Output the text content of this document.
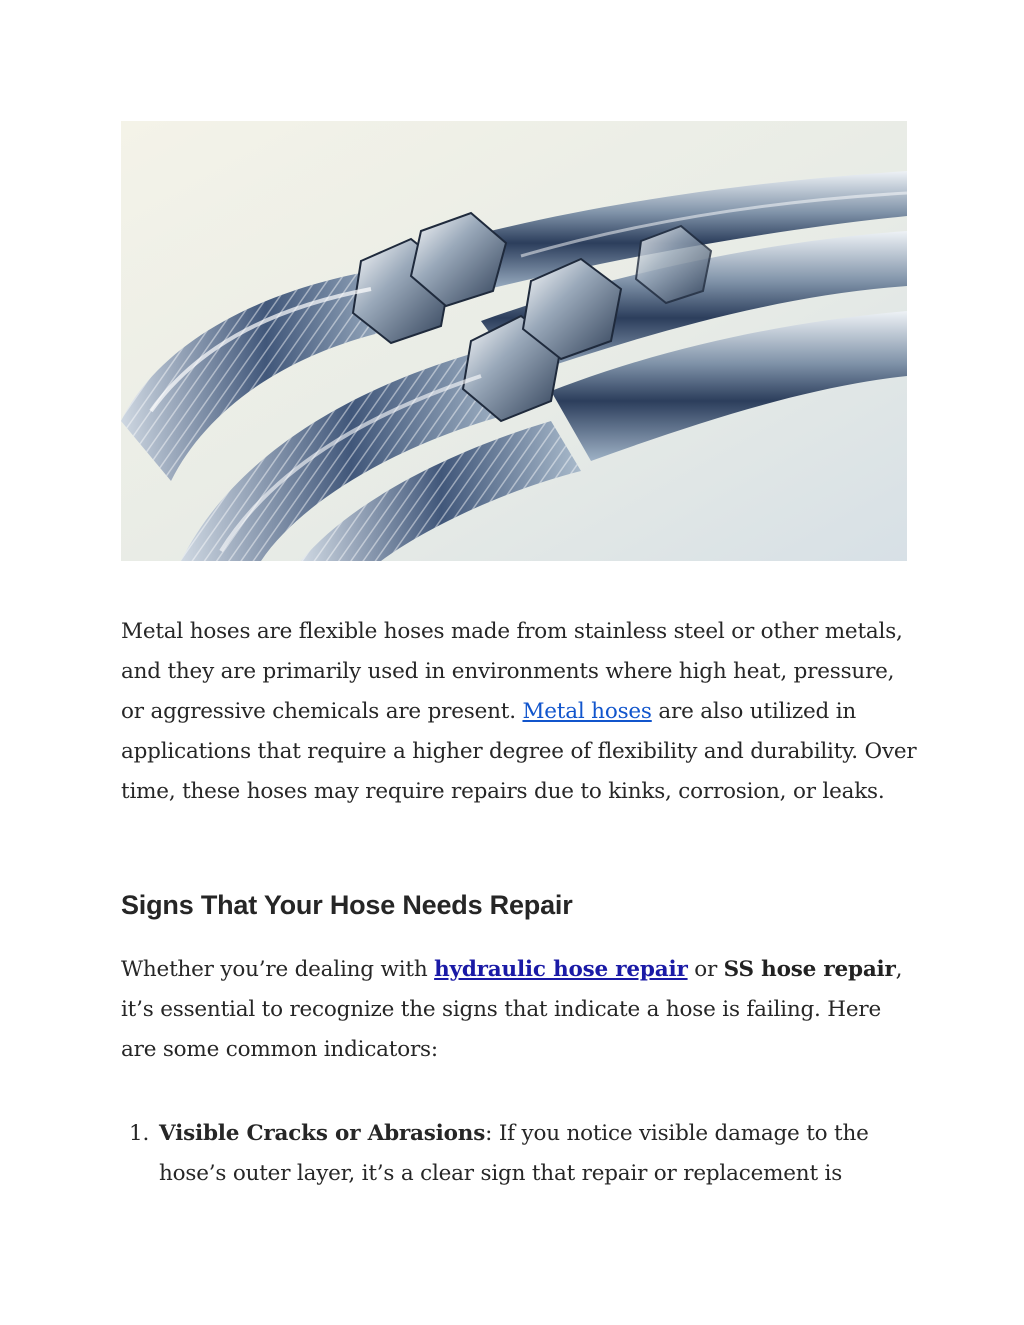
Metal hoses are flexible hoses made from stainless steel or other metals, and they are primarily used in environments where high heat, pressure, or aggressive chemicals are present. Metal hoses are also utilized in applications that require a higher degree of flexibility and durability. Over time, these hoses may require repairs due to kinks, corrosion, or leaks.

Signs That Your Hose Needs Repair

Whether you’re dealing with hydraulic hose repair or SS hose repair, it’s essential to recognize the signs that indicate a hose is failing. Here are some common indicators:

1. Visible Cracks or Abrasions: If you notice visible damage to the hose’s outer layer, it’s a clear sign that repair or replacement is
